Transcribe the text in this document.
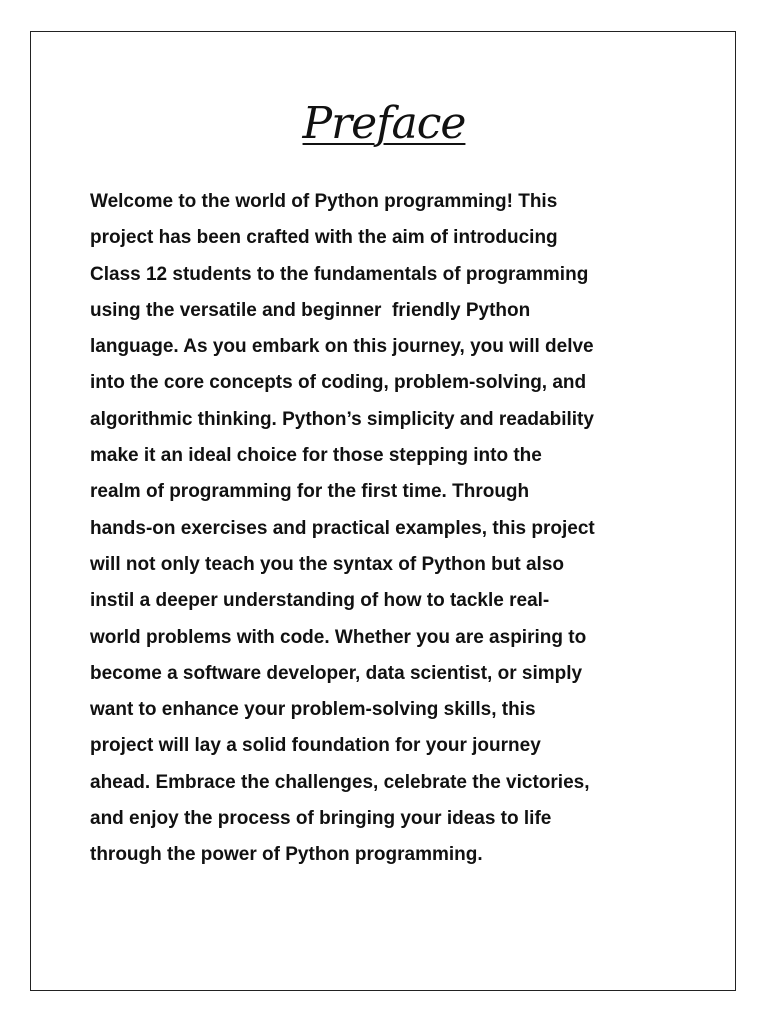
Preface
Welcome to the world of Python programming! This
project has been crafted with the aim of introducing
Class 12 students to the fundamentals of programming
using the versatile and beginner  friendly Python
language. As you embark on this journey, you will delve
into the core concepts of coding, problem-solving, and
algorithmic thinking. Python’s simplicity and readability
make it an ideal choice for those stepping into the
realm of programming for the first time. Through
hands-on exercises and practical examples, this project
will not only teach you the syntax of Python but also
instil a deeper understanding of how to tackle real-
world problems with code. Whether you are aspiring to
become a software developer, data scientist, or simply
want to enhance your problem-solving skills, this
project will lay a solid foundation for your journey
ahead. Embrace the challenges, celebrate the victories,
and enjoy the process of bringing your ideas to life
through the power of Python programming.
